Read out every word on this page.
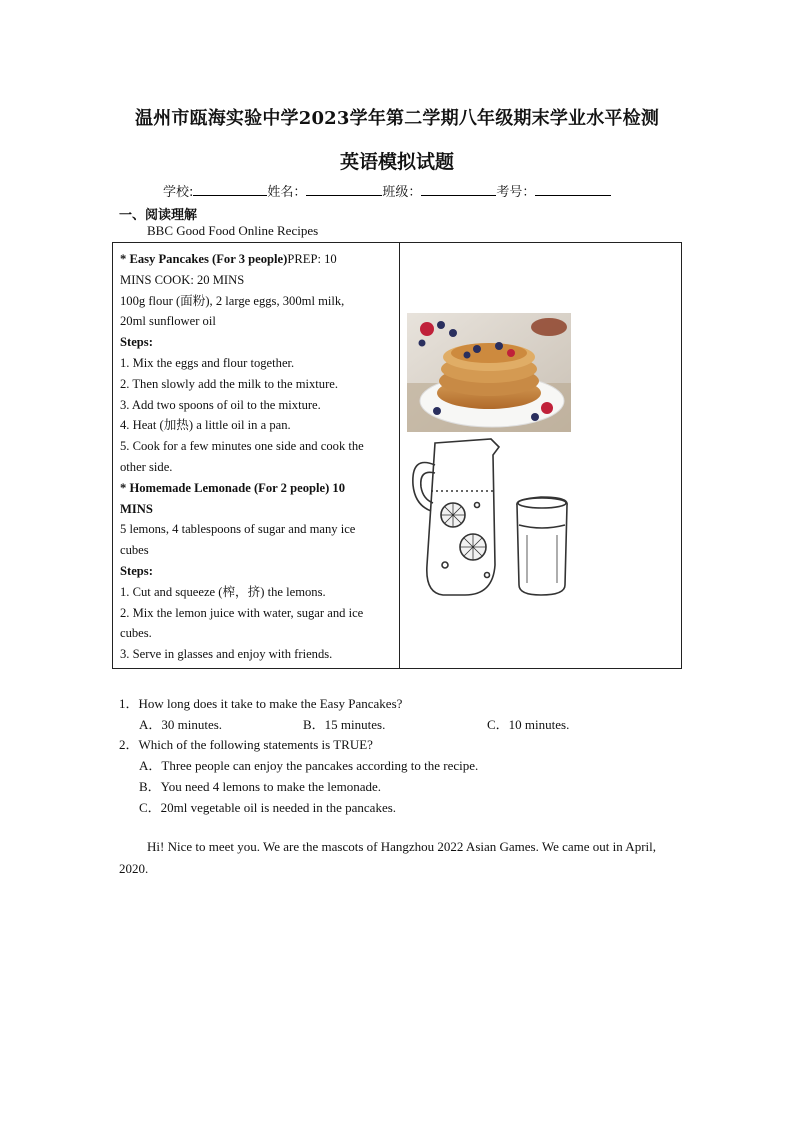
温州市瓯海实验中学2023学年第二学期八年级期末学业水平检测
英语模拟试题
学校:	姓名：	班级：	考号：
一、阅读理解
BBC Good Food Online Recipes
* Easy Pancakes (For 3 people)PREP: 10
MINS COOK: 20 MINS
100g flour (面粉), 2 large eggs, 300ml milk,
20ml sunflower oil
Steps:
1. Mix the eggs and flour together.
2. Then slowly add the milk to the mixture.
3. Add two spoons of oil to the mixture.
4. Heat (加热) a little oil in a pan.
5. Cook for a few minutes one side and cook the
other side.
* Homemade Lemonade (For 2 people) 10
MINS
5 lemons, 4 tablespoons of sugar and many ice
cubes
Steps:
1. Cut and squeeze (榨，挤) the lemons.
2. Mix the lemon juice with water, sugar and ice
cubes.
3. Serve in glasses and enjoy with friends.
1．How long does it take to make the Easy Pancakes?
A．30 minutes.	B．15 minutes.	C．10 minutes.
2．Which of the following statements is TRUE?
A．Three people can enjoy the pancakes according to the recipe.
B．You need 4 lemons to make the lemonade.
C．20ml vegetable oil is needed in the pancakes.
Hi! Nice to meet you. We are the mascots of Hangzhou 2022 Asian Games. We came out in April, 2020.
